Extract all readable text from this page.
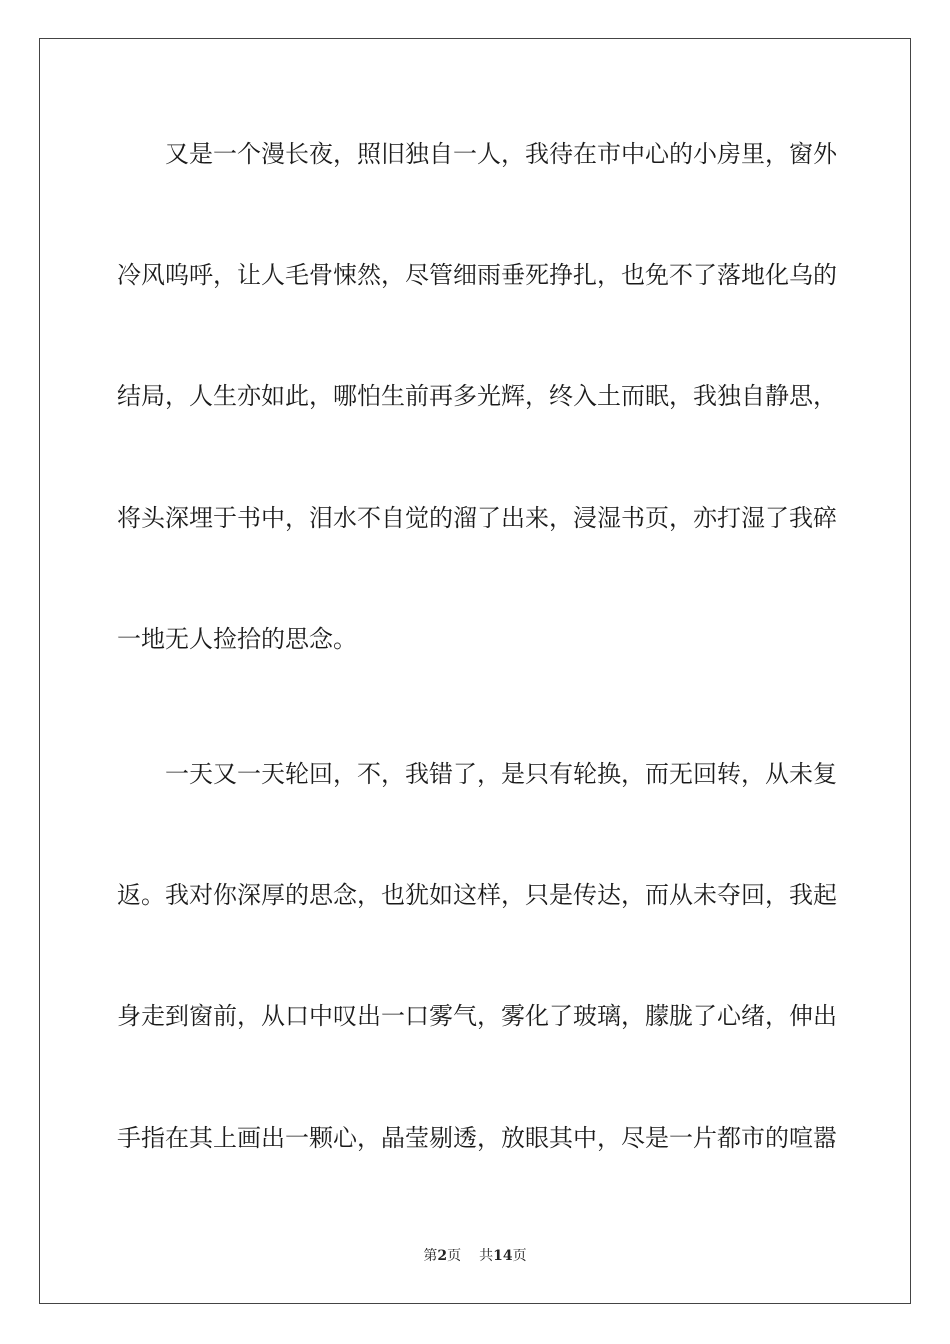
又是一个漫长夜，照旧独自一人，我待在市中心的小房里，窗外
冷风呜呼，让人毛骨悚然，尽管细雨垂死挣扎，也免不了落地化乌的
结局，人生亦如此，哪怕生前再多光辉，终入土而眠，我独自静思，
将头深埋于书中，泪水不自觉的溜了出来，浸湿书页，亦打湿了我碎
一地无人捡拾的思念。
一天又一天轮回，不，我错了，是只有轮换，而无回转，从未复
返。我对你深厚的思念，也犹如这样，只是传达，而从未夺回，我起
身走到窗前，从口中叹出一口雾气，雾化了玻璃，朦胧了心绪，伸出
手指在其上画出一颗心，晶莹剔透，放眼其中，尽是一片都市的喧嚣
第2页 共14页
